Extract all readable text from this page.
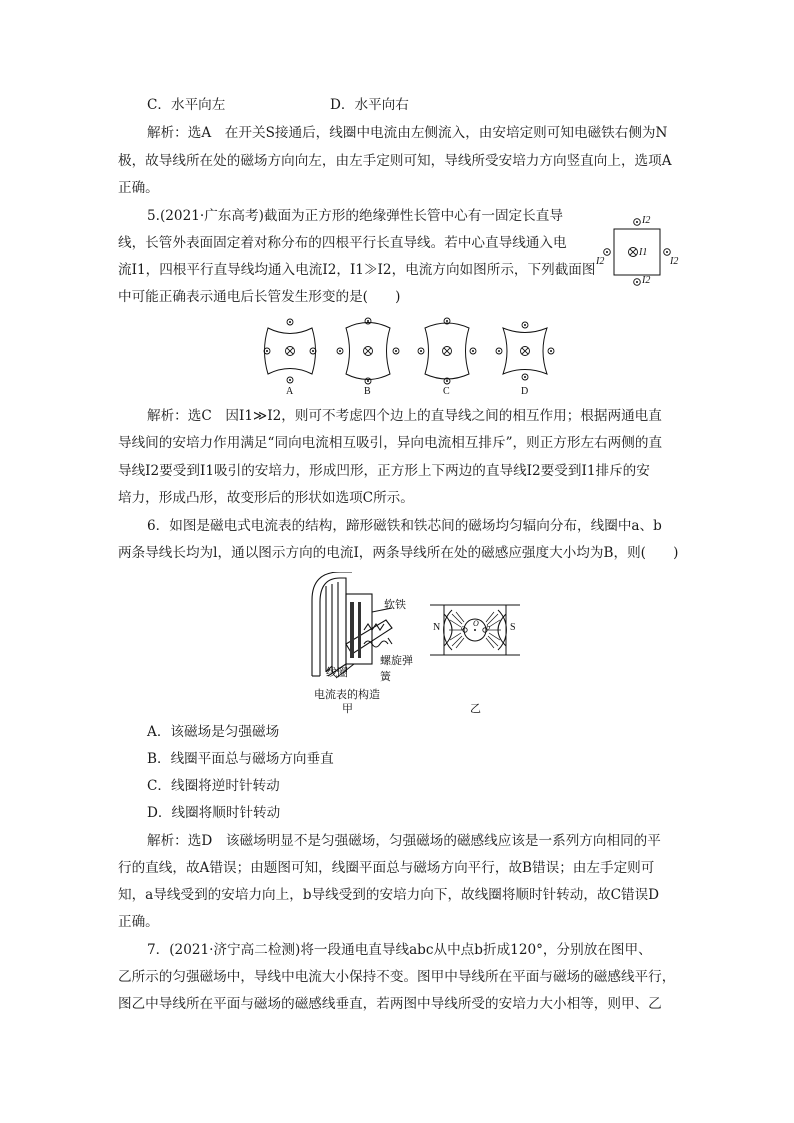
C．水平向左	D．水平向右
解析：选A　在开关S接通后，线圈中电流由左侧流入，由安培定则可知电磁铁右侧为N
极，故导线所在处的磁场方向向左，由左手定则可知，导线所受安培力方向竖直向上，选项A
正确。
5.(2021·广东高考)截面为正方形的绝缘弹性长管中心有一固定长直导
线，长管外表面固定着对称分布的四根平行长直导线。若中心直导线通入电
流I1，四根平行直导线均通入电流I2，I1≫I2，电流方向如图所示，下列截面图
中可能正确表示通电后长管发生形变的是(　　)
I2
I2
I2	I2
I1
A	B	C	D
解析：选C　因I1≫I2，则可不考虑四个边上的直导线之间的相互作用；根据两通电直
导线间的安培力作用满足“同向电流相互吸引，异向电流相互排斥”，则正方形左右两侧的直
导线I2要受到I1吸引的安培力，形成凹形，正方形上下两边的直导线I2要受到I1排斥的安
培力，形成凸形，故变形后的形状如选项C所示。
6．如图是磁电式电流表的结构，蹄形磁铁和铁芯间的磁场均匀辐向分布，线圈中a、b
两条导线长均为l，通以图示方向的电流I，两条导线所在处的磁感应强度大小均为B，则(　　)
软铁
螺旋弹簧
线圈
电流表的构造
甲
N	S
O
a	b
乙
A．该磁场是匀强磁场
B．线圈平面总与磁场方向垂直
C．线圈将逆时针转动
D．线圈将顺时针转动
解析：选D　该磁场明显不是匀强磁场，匀强磁场的磁感线应该是一系列方向相同的平
行的直线，故A错误；由题图可知，线圈平面总与磁场方向平行，故B错误；由左手定则可
知，a导线受到的安培力向上，b导线受到的安培力向下，故线圈将顺时针转动，故C错误D
正确。
7．(2021·济宁高二检测)将一段通电直导线abc从中点b折成120°，分别放在图甲、
乙所示的匀强磁场中，导线中电流大小保持不变。图甲中导线所在平面与磁场的磁感线平行，
图乙中导线所在平面与磁场的磁感线垂直，若两图中导线所受的安培力大小相等，则甲、乙
